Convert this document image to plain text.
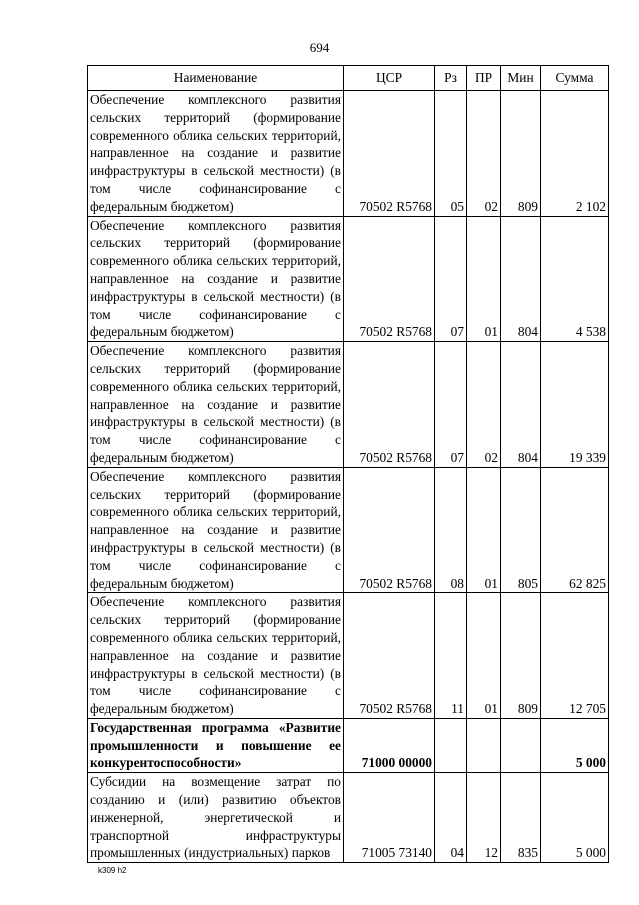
694
Наименование	ЦСР	Рз	ПР	Мин	Сумма
Обеспечение комплексного развития сельских территорий (формирование современного облика сельских территорий, направленное на создание и развитие инфраструктуры в сельской местности) (в том числе софинансирование с федеральным бюджетом)	70502 R5768	05	02	809	2 102
Обеспечение комплексного развития сельских территорий (формирование современного облика сельских территорий, направленное на создание и развитие инфраструктуры в сельской местности) (в том числе софинансирование с федеральным бюджетом)	70502 R5768	07	01	804	4 538
Обеспечение комплексного развития сельских территорий (формирование современного облика сельских территорий, направленное на создание и развитие инфраструктуры в сельской местности) (в том числе софинансирование с федеральным бюджетом)	70502 R5768	07	02	804	19 339
Обеспечение комплексного развития сельских территорий (формирование современного облика сельских территорий, направленное на создание и развитие инфраструктуры в сельской местности) (в том числе софинансирование с федеральным бюджетом)	70502 R5768	08	01	805	62 825
Обеспечение комплексного развития сельских территорий (формирование современного облика сельских территорий, направленное на создание и развитие инфраструктуры в сельской местности) (в том числе софинансирование с федеральным бюджетом)	70502 R5768	11	01	809	12 705
Государственная программа «Развитие промышленности и повышение ее конкурентоспособности»	71000 00000				5 000
Субсидии на возмещение затрат по созданию и (или) развитию объектов инженерной, энергетической и транспортной инфраструктуры промышленных (индустриальных) парков	71005 73140	04	12	835	5 000
k309 h2
